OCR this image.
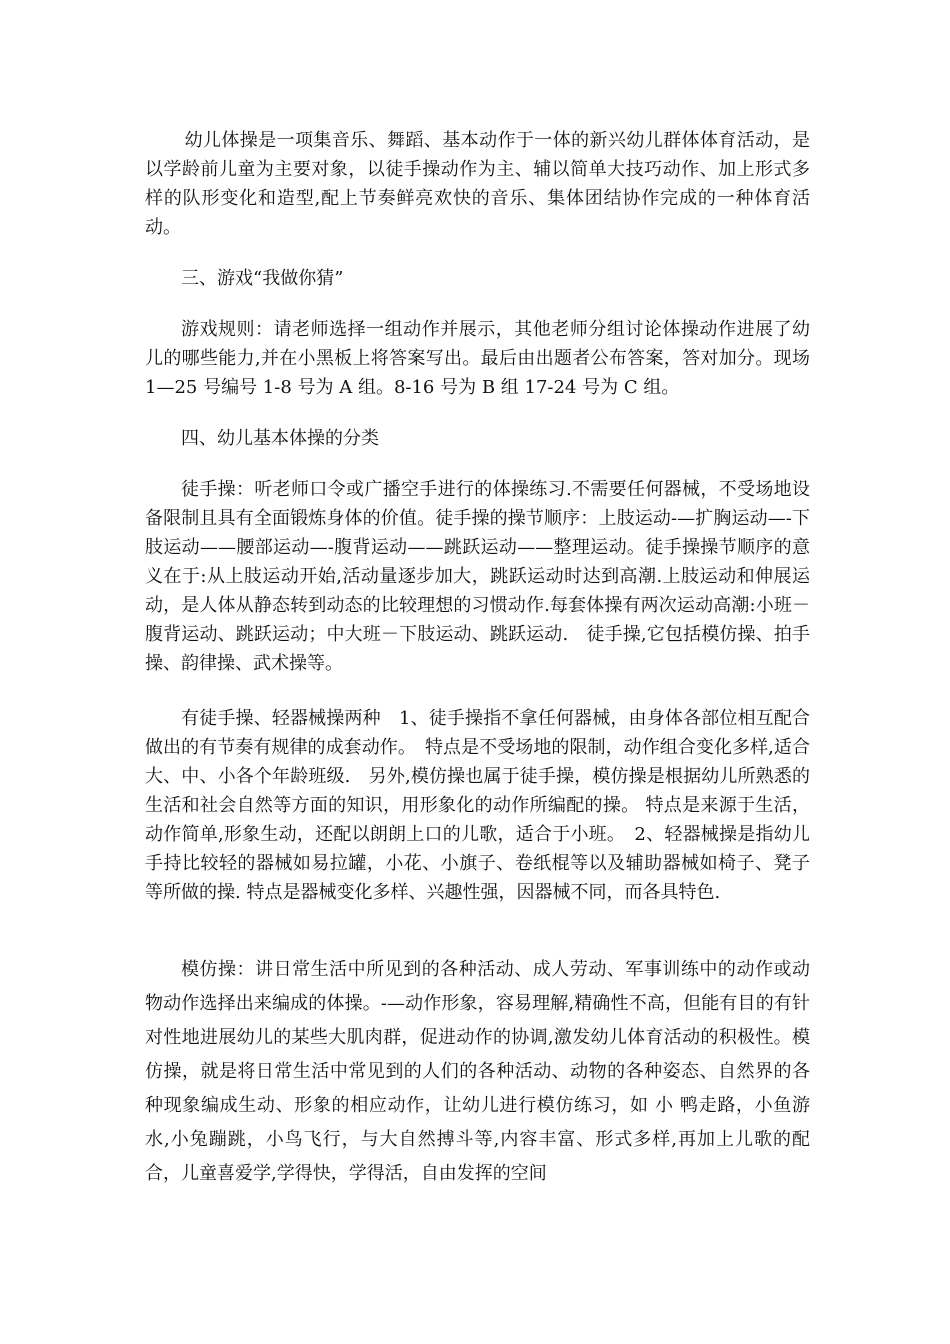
幼儿体操是一项集音乐、舞蹈、基本动作于一体的新兴幼儿群体体育活动，是以学龄前儿童为主要对象，以徒手操动作为主、辅以简单大技巧动作、加上形式多样的队形变化和造型,配上节奏鲜亮欢快的音乐、集体团结协作完成的一种体育活动。

三、游戏“我做你猜”

游戏规则：请老师选择一组动作并展示，其他老师分组讨论体操动作进展了幼儿的哪些能力,并在小黑板上将答案写出。最后由出题者公布答案，答对加分。现场 1—25 号编号 1-8 号为 A 组。8-16 号为 B 组 17-24 号为 C 组。

四、幼儿基本体操的分类

徒手操：听老师口令或广播空手进行的体操练习.不需要任何器械，不受场地设备限制且具有全面锻炼身体的价值。徒手操的操节顺序：上肢运动-—扩胸运动—-下肢运动——腰部运动—-腹背运动——跳跃运动——整理运动。徒手操操节顺序的意义在于:从上肢运动开始,活动量逐步加大，跳跃运动时达到高潮.上肢运动和伸展运动，是人体从静态转到动态的比较理想的习惯动作.每套体操有两次运动高潮:小班－腹背运动、跳跃运动；中大班－下肢运动、跳跃运动.　徒手操,它包括模仿操、拍手操、韵律操、武术操等。

有徒手操、轻器械操两种　1、徒手操指不拿任何器械，由身体各部位相互配合做出的有节奏有规律的成套动作。　特点是不受场地的限制，动作组合变化多样,适合大、中、小各个年龄班级.　另外,模仿操也属于徒手操，模仿操是根据幼儿所熟悉的生活和社会自然等方面的知识，用形象化的动作所编配的操。 特点是来源于生活，动作简单,形象生动，还配以朗朗上口的儿歌，适合于小班。　2、轻器械操是指幼儿手持比较轻的器械如易拉罐，小花、小旗子、卷纸棍等以及辅助器械如椅子、凳子等所做的操. 特点是器械变化多样、兴趣性强，因器械不同，而各具特色.

模仿操：讲日常生活中所见到的各种活动、成人劳动、军事训练中的动作或动物动作选择出来编成的体操。-—动作形象，容易理解,精确性不高，但能有目的有针对性地进展幼儿的某些大肌肉群，促进动作的协调,激发幼儿体育活动的积极性。模仿操，就是将日常生活中常见到的人们的各种活动、动物的各种姿态、自然界的各种现象编成生动、形象的相应动作，让幼儿进行模仿练习，如 小 鸭走路，小鱼游水,小兔蹦跳，小鸟飞行，与大自然搏斗等,内容丰富、形式多样,再加上儿歌的配合，儿童喜爱学,学得快，学得活，自由发挥的空间
